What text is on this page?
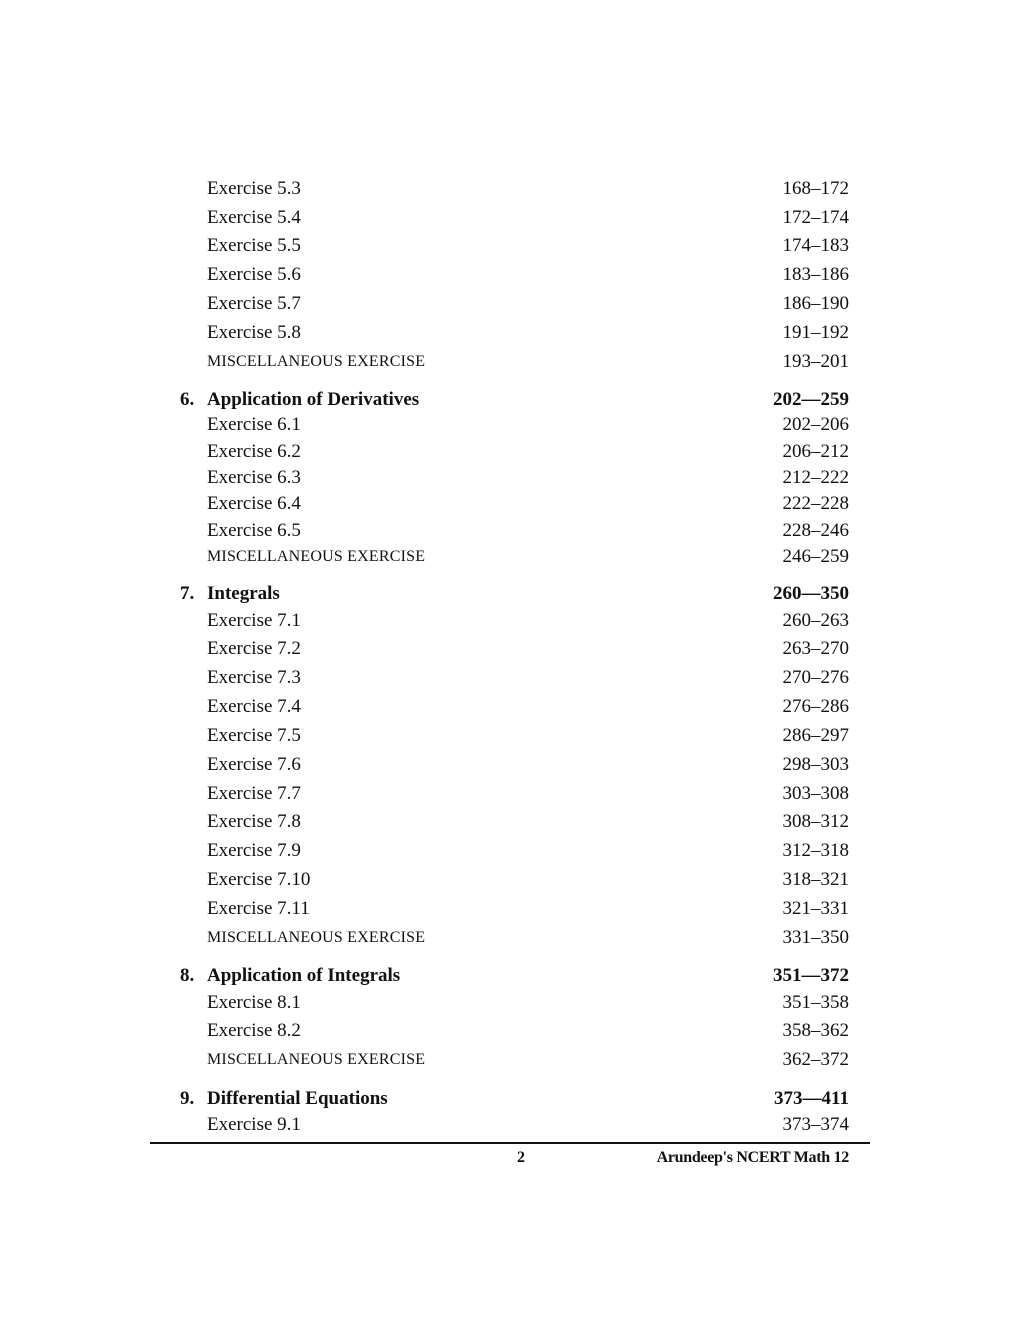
Exercise 5.3	168–172
Exercise 5.4	172–174
Exercise 5.5	174–183
Exercise 5.6	183–186
Exercise 5.7	186–190
Exercise 5.8	191–192
MISCELLANEOUS EXERCISE	193–201
6. Application of Derivatives	202—259
Exercise 6.1	202–206
Exercise 6.2	206–212
Exercise 6.3	212–222
Exercise 6.4	222–228
Exercise 6.5	228–246
MISCELLANEOUS EXERCISE	246–259
7. Integrals	260—350
Exercise 7.1	260–263
Exercise 7.2	263–270
Exercise 7.3	270–276
Exercise 7.4	276–286
Exercise 7.5	286–297
Exercise 7.6	298–303
Exercise 7.7	303–308
Exercise 7.8	308–312
Exercise 7.9	312–318
Exercise 7.10	318–321
Exercise 7.11	321–331
MISCELLANEOUS EXERCISE	331–350
8. Application of Integrals	351—372
Exercise 8.1	351–358
Exercise 8.2	358–362
MISCELLANEOUS EXERCISE	362–372
9. Differential Equations	373—411
Exercise 9.1	373–374
2	Arundeep's NCERT Math 12
